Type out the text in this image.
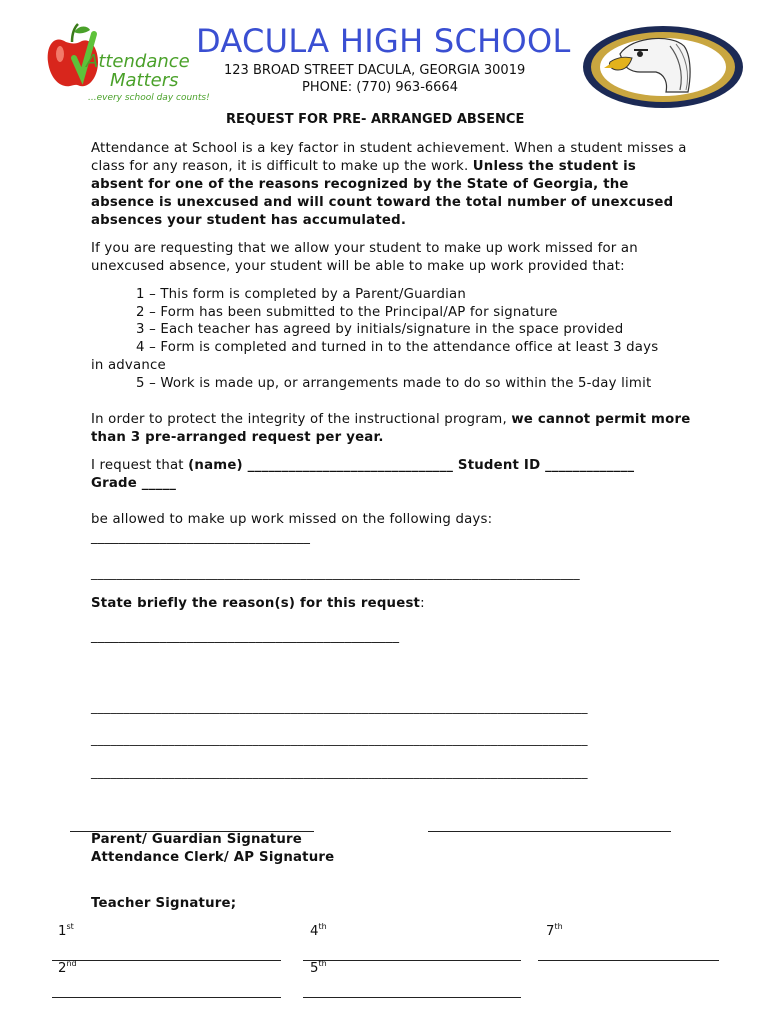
Attendance
Matters
...every school day counts!
DACULA HIGH SCHOOL
123 BROAD STREET DACULA, GEORGIA 30019
PHONE: (770) 963-6664
REQUEST FOR PRE- ARRANGED ABSENCE
Attendance at School is a key factor in student achievement. When a student misses a class for any reason, it is difficult to make up the work. Unless the student is absent for one of the reasons recognized by the State of Georgia, the absence is unexcused and will count toward the total number of unexcused absences your student has accumulated.
If you are requesting that we allow your student to make up work missed for an unexcused absence, your student will be able to make up work provided that:
1 – This form is completed by a Parent/Guardian
2 – Form has been submitted to the Principal/AP for signature
3 – Each teacher has agreed by initials/signature in the space provided
4 – Form is completed and turned in to the attendance office at least 3 days
in advance
5 – Work is made up, or arrangements made to do so within the 5-day limit
In order to protect the integrity of the instructional program, we cannot permit more than 3 pre-arranged request per year.
I request that (name) ______________________________ Student ID _____________
Grade _____
be allowed to make up work missed on the following days:
________________________________
_____________________________________________________________________________
State briefly the reason(s) for this request:
_____________________________________________
_____________________________________________________________________________
_____________________________________________________________________________
_____________________________________________________________________________
Parent/ Guardian Signature
Attendance Clerk/ AP Signature
Teacher Signature;
1st	4th	7th
2nd	5th
